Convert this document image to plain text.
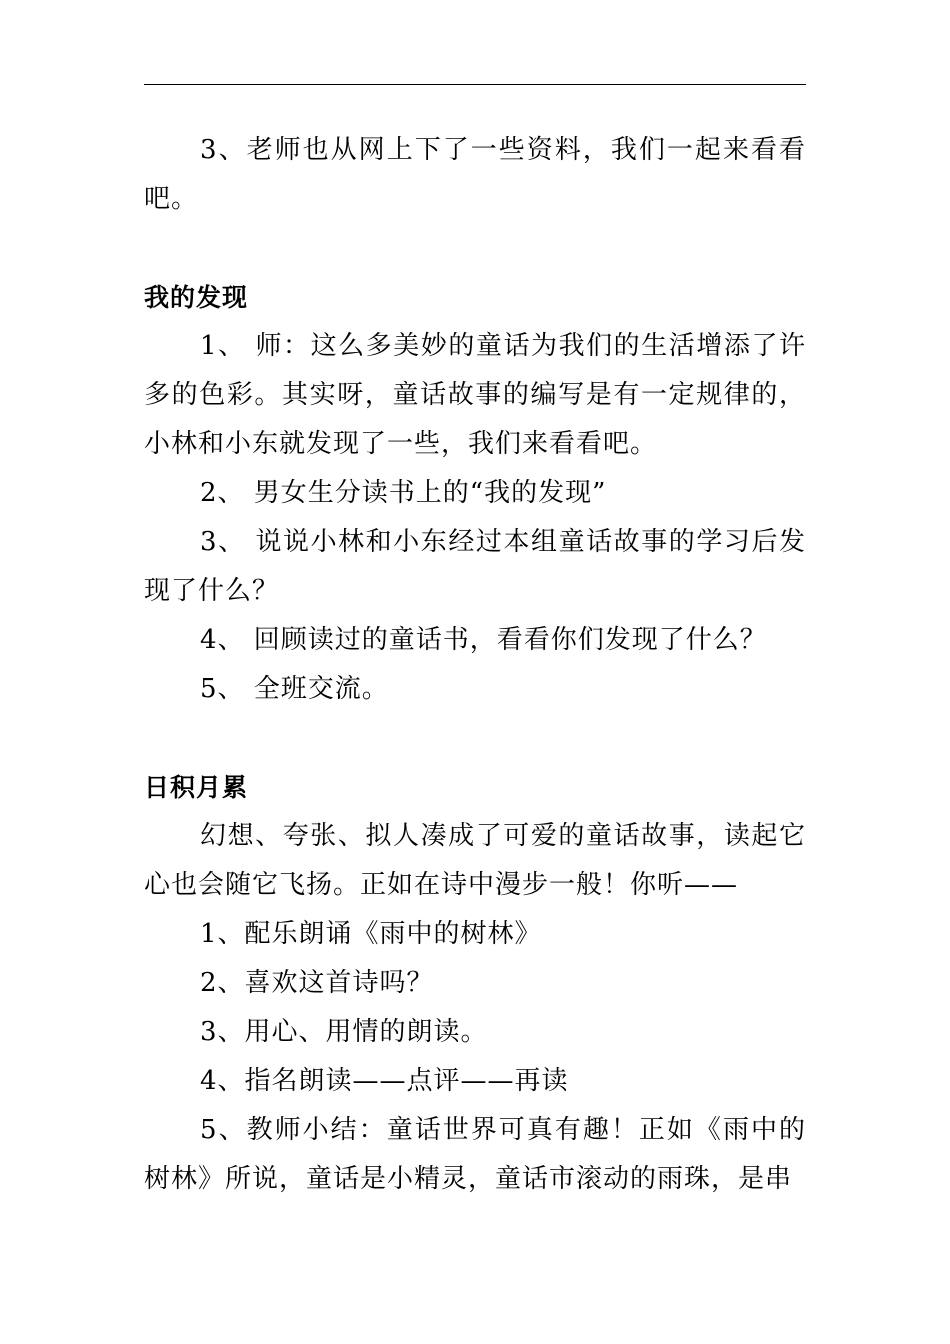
3、老师也从网上下了一些资料，我们一起来看看吧。

我的发现

1、 师：这么多美妙的童话为我们的生活增添了许多的色彩。其实呀，童话故事的编写是有一定规律的，小林和小东就发现了一些，我们来看看吧。

2、 男女生分读书上的“我的发现”

3、 说说小林和小东经过本组童话故事的学习后发现了什么？

4、 回顾读过的童话书，看看你们发现了什么？

5、 全班交流。

日积月累

幻想、夸张、拟人凑成了可爱的童话故事，读起它心也会随它飞扬。正如在诗中漫步一般！你听——

1、配乐朗诵《雨中的树林》

2、喜欢这首诗吗？

3、用心、用情的朗读。

4、指名朗读——点评——再读

5、教师小结：童话世界可真有趣！正如《雨中的树林》所说，童话是小精灵，童话市滚动的雨珠，是串
